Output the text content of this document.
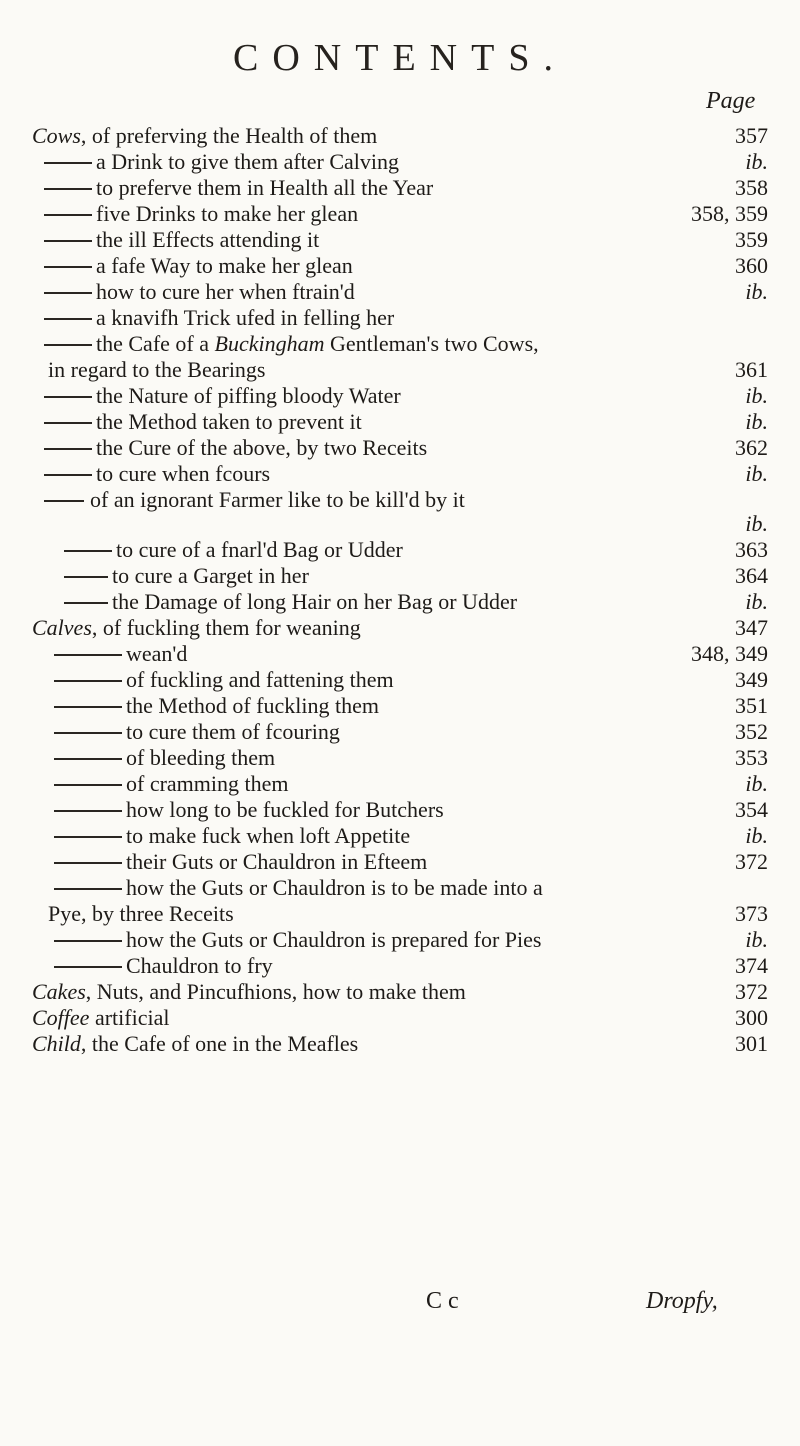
CONTENTS.
Page
Cows, of preferving the Health of them	357
a Drink to give them after Calving	ib.
to preferve them in Health all the Year	358
five Drinks to make her glean	358, 359
the ill Effects attending it	359
a fafe Way to make her glean	360
how to cure her when ftrain'd	ib.
a knavifh Trick ufed in felling her
the Cafe of a Buckingham Gentleman's two Cows,
in regard to the Bearings	361
the Nature of piffing bloody Water	ib.
the Method taken to prevent it	ib.
the Cure of the above, by two Receits	362
to cure when fcours	ib.
of an ignorant Farmer like to be kill'd by it
ib.
to cure of a fnarl'd Bag or Udder	363
to cure a Garget in her	364
the Damage of long Hair on her Bag or Udder	ib.
Calves, of fuckling them for weaning	347
wean'd	348, 349
of fuckling and fattening them	349
the Method of fuckling them	351
to cure them of fcouring	352
of bleeding them	353
of cramming them	ib.
how long to be fuckled for Butchers	354
to make fuck when loft Appetite	ib.
their Guts or Chauldron in Efteem	372
how the Guts or Chauldron is to be made into a
Pye, by three Receits	373
how the Guts or Chauldron is prepared for Pies	ib.
Chauldron to fry	374
Cakes, Nuts, and Pincufhions, how to make them	372
Coffee artificial	300
Child, the Cafe of one in the Meafles	301
C c	Dropfy,
